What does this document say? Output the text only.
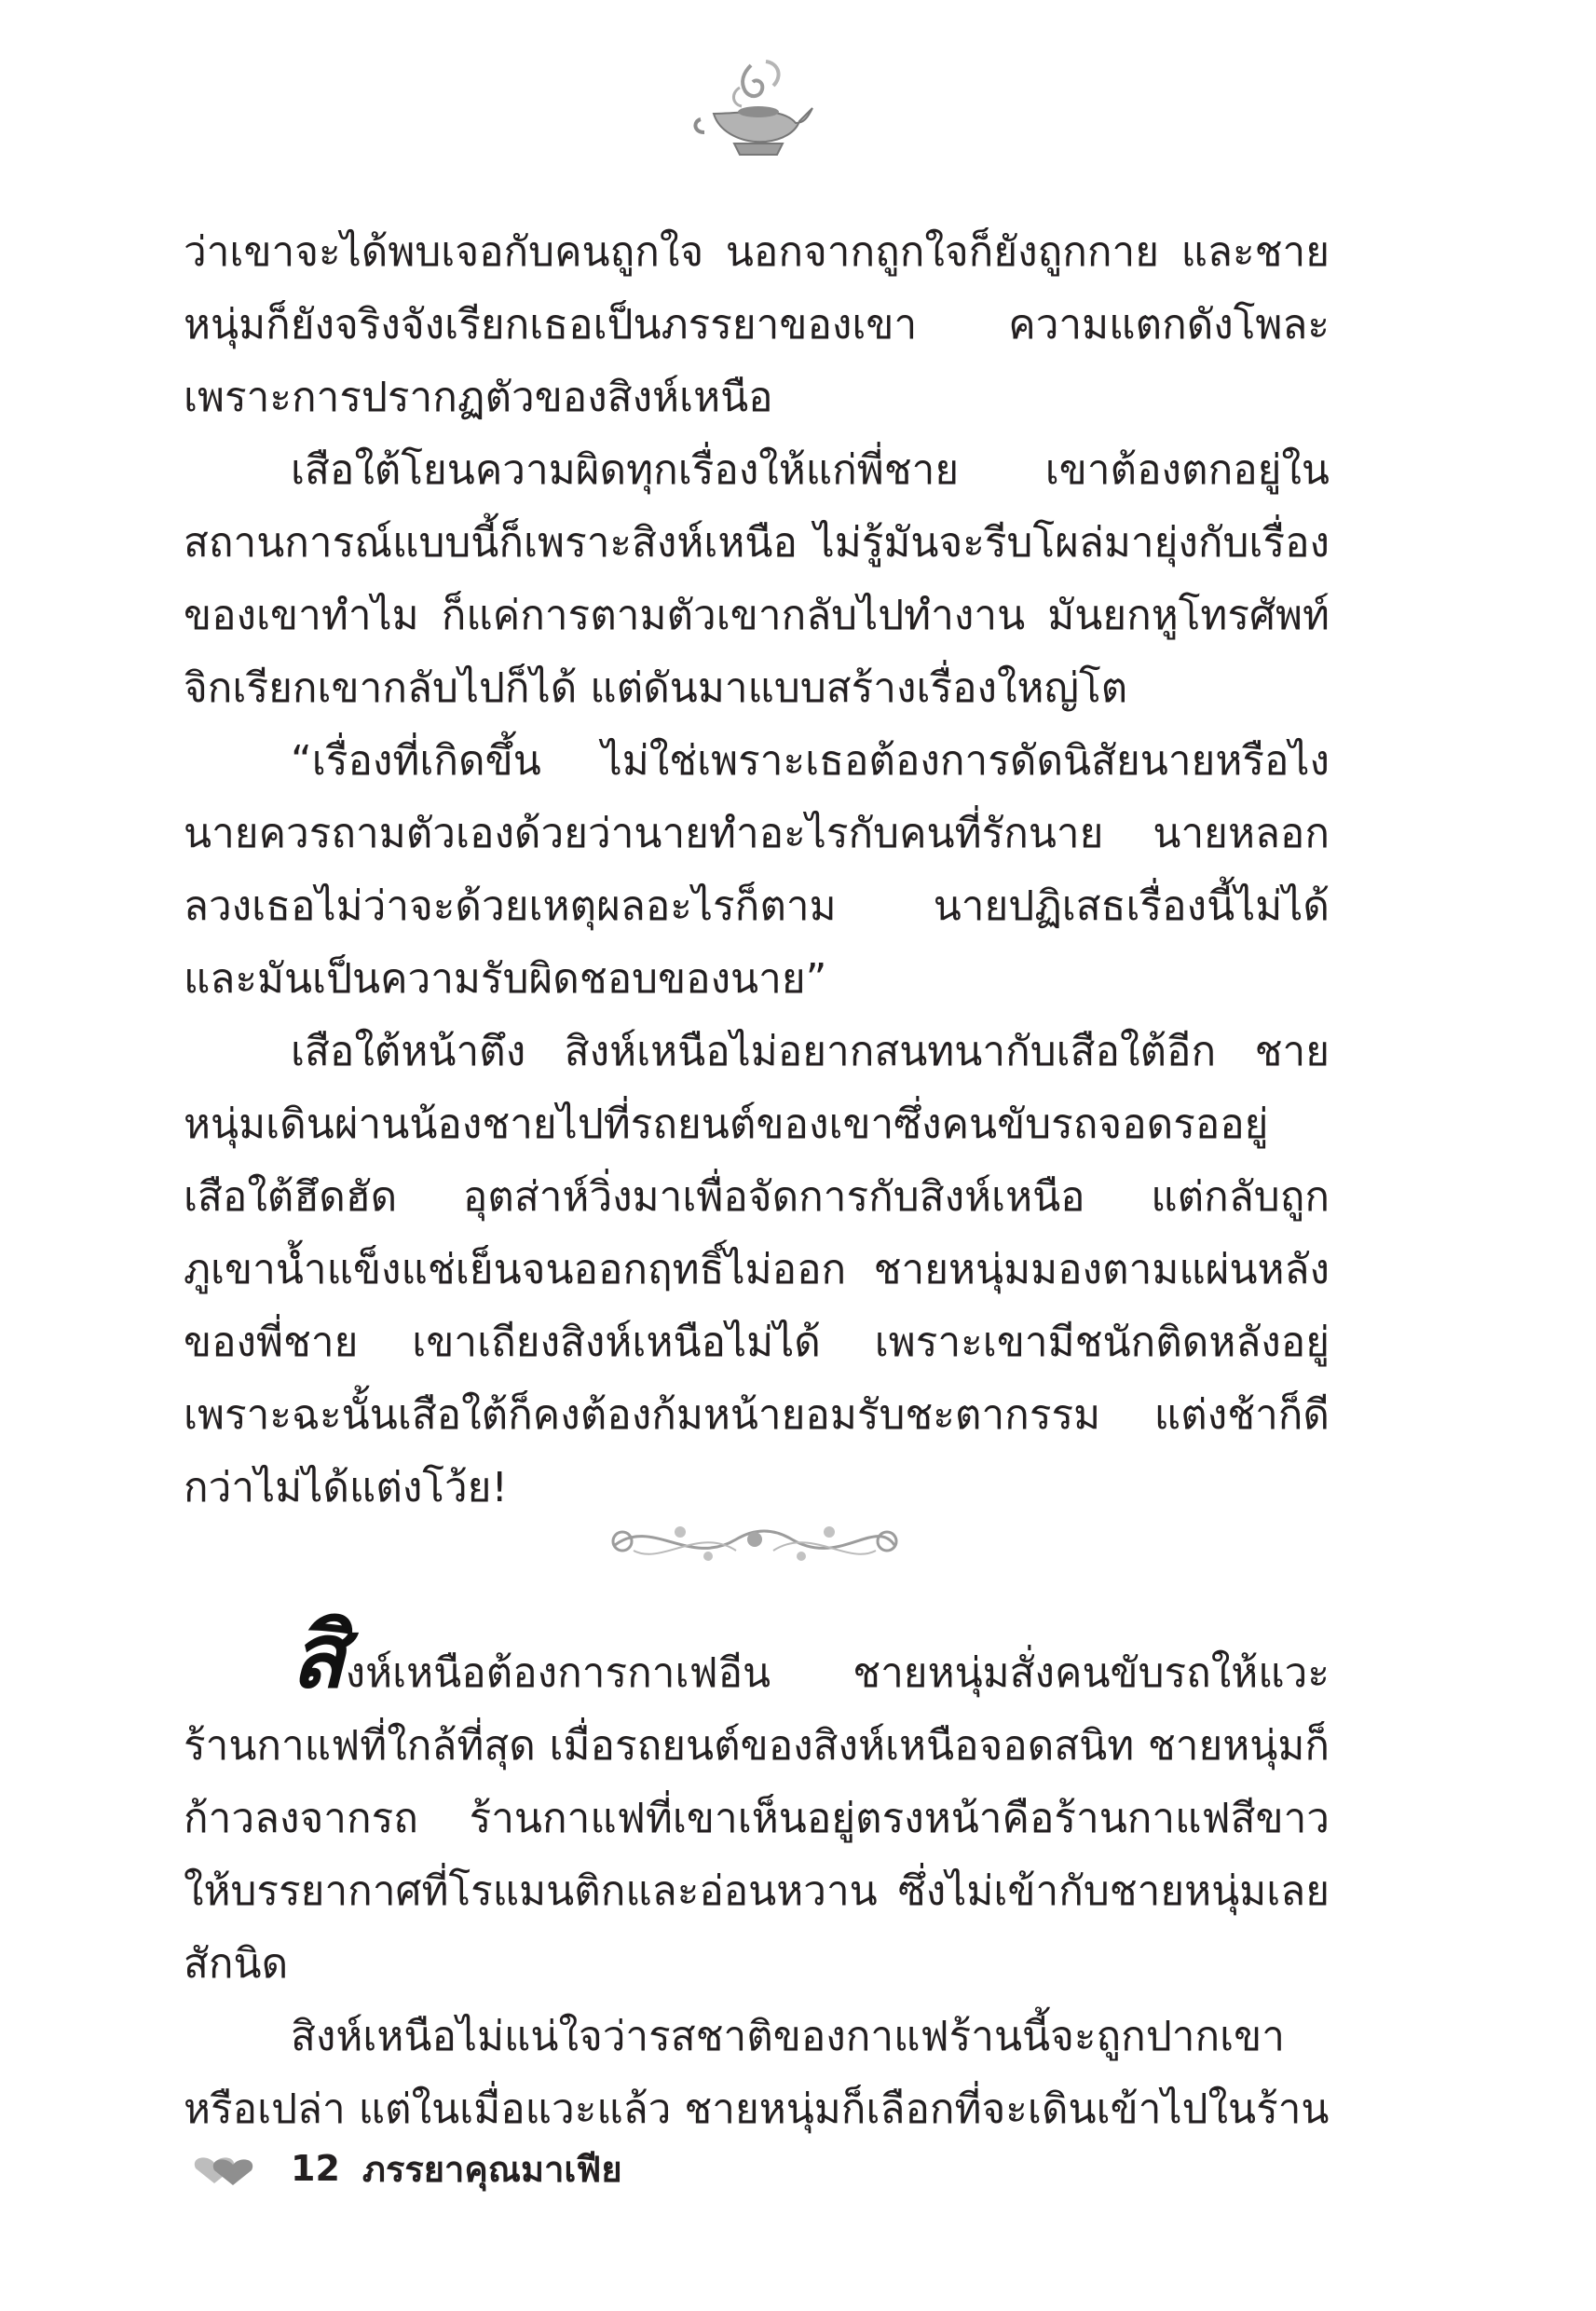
ว่าเขาจะได้พบเจอกับคนถูกใจ นอกจากถูกใจก็ยังถูกกาย และชายหนุ่มก็ยังจริงจังเรียกเธอเป็นภรรยาของเขา ความแตกดังโพละ เพราะการปรากฏตัวของสิงห์เหนือ

เสือใต้โยนความผิดทุกเรื่องให้แก่พี่ชาย เขาต้องตกอยู่ในสถานการณ์แบบนี้ก็เพราะสิงห์เหนือ ไม่รู้มันจะรีบโผล่มายุ่งกับเรื่องของเขาทำไม ก็แค่การตามตัวเขากลับไปทำงาน มันยกหูโทรศัพท์จิกเรียกเขากลับไปก็ได้ แต่ดันมาแบบสร้างเรื่องใหญ่โต

“เรื่องที่เกิดขึ้น ไม่ใช่เพราะเธอต้องการดัดนิสัยนายหรือไง นายควรถามตัวเองด้วยว่านายทำอะไรกับคนที่รักนาย นายหลอกลวงเธอไม่ว่าจะด้วยเหตุผลอะไรก็ตาม นายปฏิเสธเรื่องนี้ไม่ได้ และมันเป็นความรับผิดชอบของนาย”

เสือใต้หน้าตึง สิงห์เหนือไม่อยากสนทนากับเสือใต้อีก ชายหนุ่มเดินผ่านน้องชายไปที่รถยนต์ของเขาซึ่งคนขับรถจอดรออยู่ เสือใต้ฮึดฮัด อุตส่าห์วิ่งมาเพื่อจัดการกับสิงห์เหนือ แต่กลับถูกภูเขาน้ำแข็งแช่เย็นจนออกฤทธิ์ไม่ออก ชายหนุ่มมองตามแผ่นหลังของพี่ชาย เขาเถียงสิงห์เหนือไม่ได้ เพราะเขามีชนักติดหลังอยู่ เพราะฉะนั้นเสือใต้ก็คงต้องก้มหน้ายอมรับชะตากรรม แต่งช้าก็ดีกว่าไม่ได้แต่งโว้ย!

สิงห์เหนือต้องการกาเฟอีน ชายหนุ่มสั่งคนขับรถให้แวะร้านกาแฟที่ใกล้ที่สุด เมื่อรถยนต์ของสิงห์เหนือจอดสนิท ชายหนุ่มก็ก้าวลงจากรถ ร้านกาแฟที่เขาเห็นอยู่ตรงหน้าคือร้านกาแฟสีขาวให้บรรยากาศที่โรแมนติกและอ่อนหวาน ซึ่งไม่เข้ากับชายหนุ่มเลยสักนิด

สิงห์เหนือไม่แน่ใจว่ารสชาติของกาแฟร้านนี้จะถูกปากเขาหรือเปล่า แต่ในเมื่อแวะแล้ว ชายหนุ่มก็เลือกที่จะเดินเข้าไปในร้าน

12 ภรรยาคุณมาเฟีย
